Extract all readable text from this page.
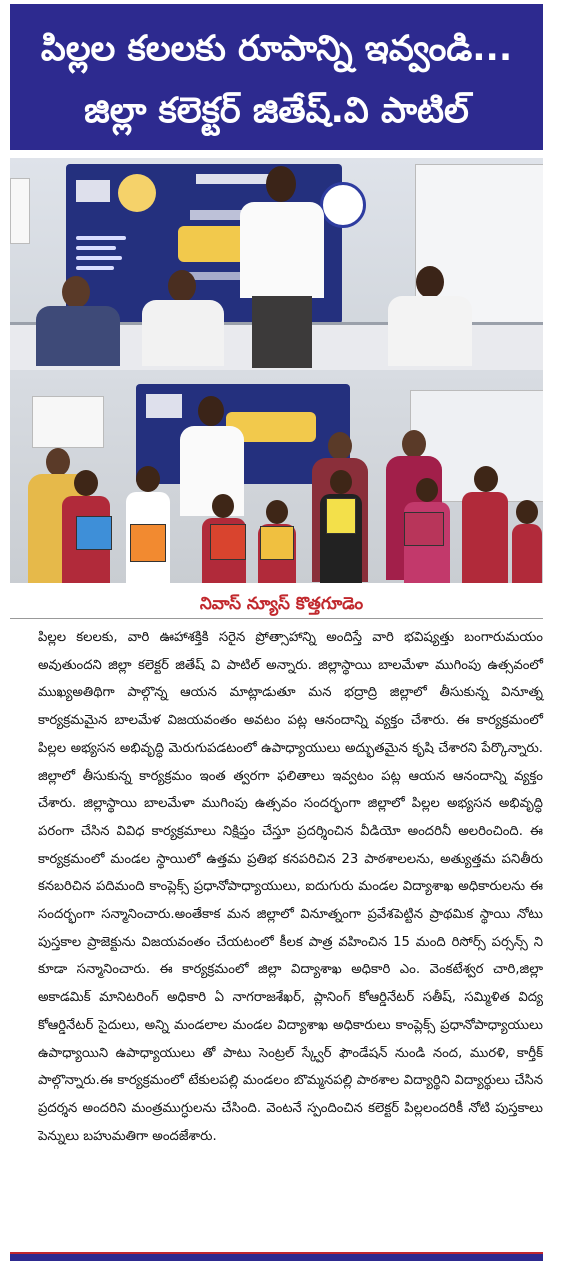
పిల్లల కలలకు రూపాన్ని ఇవ్వండి...
జిల్లా కలెక్టర్ జితేష్.వి పాటిల్
నివాస్ న్యూస్ కొత్తగూడెం

పిల్లల కలలకు, వారి ఊహాశక్తికి సరైన ప్రోత్సాహాన్ని అందిస్తే వారి భవిష్యత్తు బంగారుమయం అవుతుందని జిల్లా కలెక్టర్ జితేష్ వి పాటిల్ అన్నారు. జిల్లాస్థాయి బాలమేళా ముగింపు ఉత్సవంలో ముఖ్యఅతిథిగా పాల్గొన్న ఆయన మాట్లాడుతూ మన భద్రాద్రి జిల్లాలో తీసుకున్న వినూత్న కార్యక్రమమైన బాలమేళ విజయవంతం అవటం పట్ల ఆనందాన్ని వ్యక్తం చేశారు. ఈ కార్యక్రమంలో పిల్లల అభ్యసన అభివృద్ధి మెరుగుపడటంలో ఉపాధ్యాయులు అద్భుతమైన కృషి చేశారని పేర్కొన్నారు. జిల్లాలో తీసుకున్న కార్యక్రమం ఇంత త్వరగా ఫలితాలు ఇవ్వటం పట్ల ఆయన ఆనందాన్ని వ్యక్తం చేశారు. జిల్లాస్థాయి బాలమేళా ముగింపు ఉత్సవం సందర్భంగా జిల్లాలో పిల్లల అభ్యసన అభివృద్ధి పరంగా చేసిన వివిధ కార్యక్రమాలు నిక్షిప్తం చేస్తూ ప్రదర్శించిన వీడియో అందరినీ అలరించింది. ఈ కార్యక్రమంలో మండల స్థాయిలో ఉత్తమ ప్రతిభ కనపరిచిన 23 పాఠశాలలను, అత్యుత్తమ పనితీరు కనబరిచిన పదిమంది కాంప్లెక్స్ ప్రధానోపాధ్యాయులు, ఐదుగురు మండల విద్యాశాఖ అధికారులను ఈ సందర్భంగా సన్మానించారు.అంతేకాక మన జిల్లాలో వినూత్నంగా ప్రవేశపెట్టిన ప్రాథమిక స్థాయి నోటు పుస్తకాల ప్రాజెక్టును విజయవంతం చేయటంలో కీలక పాత్ర వహించిన 15 మంది రిసోర్స్ పర్సన్స్ ని కూడా సన్మానించారు. ఈ కార్యక్రమంలో జిల్లా విద్యాశాఖ అధికారి ఎం. వెంకటేశ్వర చారి,జిల్లా అకాడమిక్ మానిటరింగ్ అధికారి ఏ నాగరాజశేఖర్, ప్లానింగ్ కోఆర్డినేటర్ సతీష్, సమ్మిళిత విద్య కోఆర్డినేటర్ సైదులు, అన్ని మండలాల మండల విద్యాశాఖ అధికారులు కాంప్లెక్స్ ప్రధానోపాధ్యాయులు ఉపాధ్యాయిని ఉపాధ్యాయులు తో పాటు సెంట్రల్ స్క్వేర్ ఫౌండేషన్ నుండి నంద, మురళి, కార్తీక్ పాల్గొన్నారు.ఈ కార్యక్రమంలో టేకులపల్లి మండలం బొమ్మనపల్లి పాఠశాల విద్యార్థిని విద్యార్థులు చేసిన ప్రదర్శన అందరిని మంత్రముగ్ధులను చేసింది. వెంటనే స్పందించిన కలెక్టర్ పిల్లలందరికీ నోటి పుస్తకాలు పెన్నులు బహుమతిగా అందజేశారు.
